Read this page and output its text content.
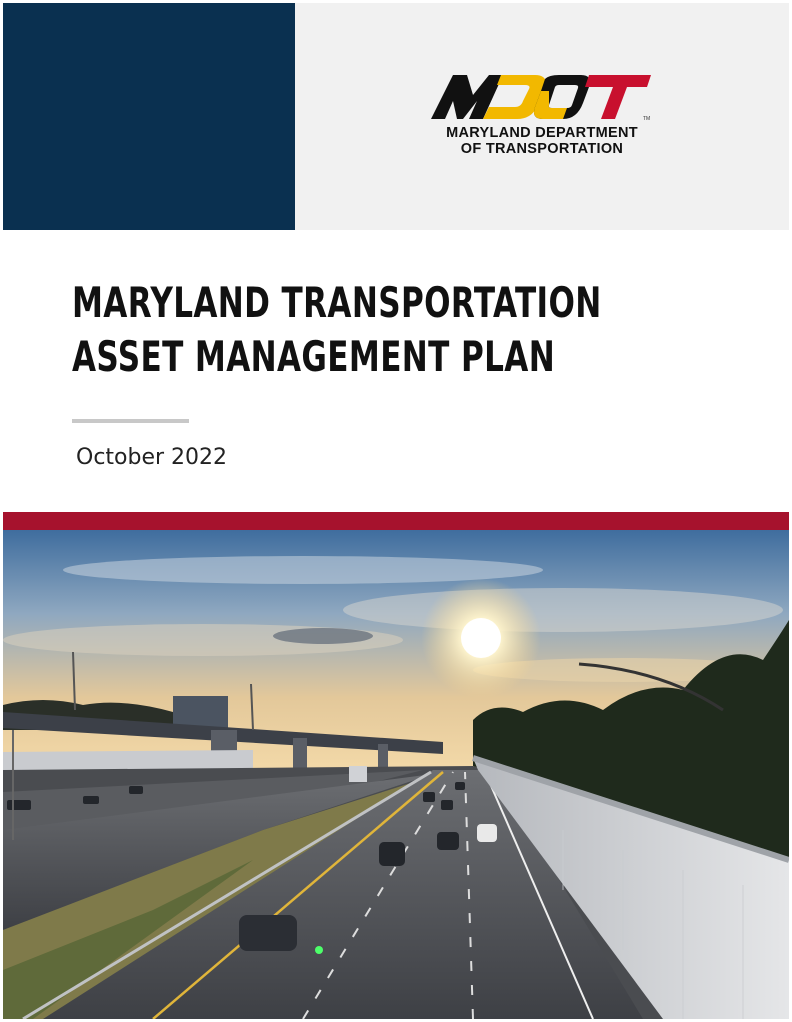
TM
MARYLAND DEPARTMENT
OF TRANSPORTATION
MARYLAND TRANSPORTATION
ASSET MANAGEMENT PLAN
October 2022
